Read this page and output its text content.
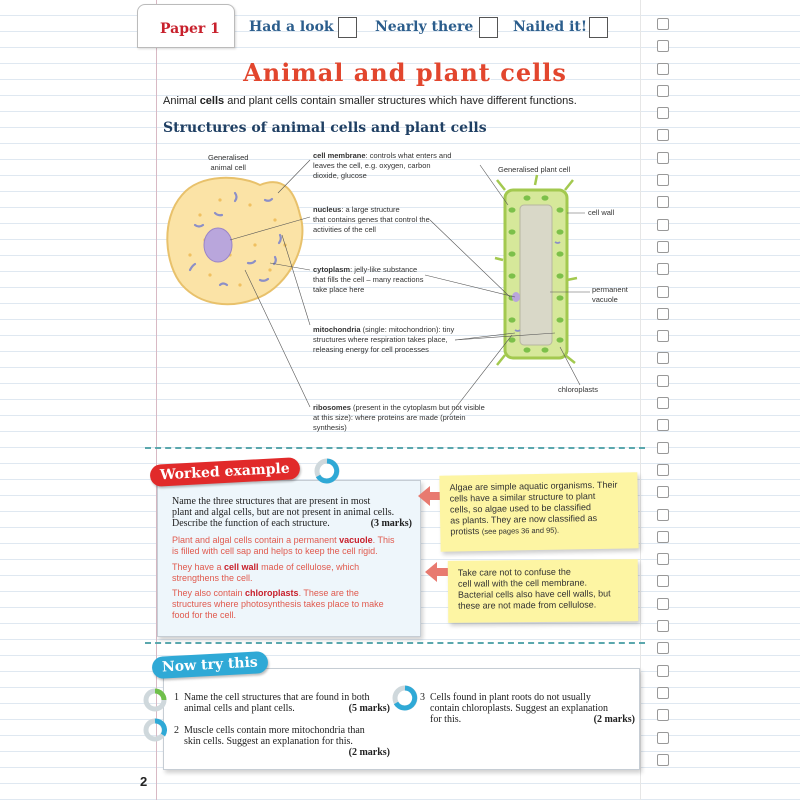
Paper 1 Had a look	Nearly there	Nailed it!
Animal and plant cells
Animal cells and plant cells contain smaller structures which have different functions.
Structures of animal cells and plant cells
Generalised
animal cell	Generalised plant cell
cell membrane: controls what enters and
leaves the cell, e.g. oxygen, carbon
dioxide, glucose
nucleus: a large structure
that contains genes that control the
activities of the cell
cytoplasm: jelly-like substance
that fills the cell – many reactions
take place here
mitochondria (single: mitochondrion): tiny
structures where respiration takes place,
releasing energy for cell processes
ribosomes (present in the cytoplasm but not visible
at this size): where proteins are made (protein
synthesis)
cell wall
permanent
vacuole
chloroplasts
Worked example
Name the three structures that are present in most
plant and algal cells, but are not present in animal cells.
Describe the function of each structure.	(3 marks)
Plant and algal cells contain a permanent vacuole. This
is filled with cell sap and helps to keep the cell rigid.
They have a cell wall made of cellulose, which
strengthens the cell.
They also contain chloroplasts. These are the
structures where photosynthesis takes place to make
food for the cell.
Algae are simple aquatic organisms. Their
cells have a similar structure to plant
cells, so algae used to be classified
as plants. They are now classified as
protists (see pages 36 and 95).
Take care not to confuse the
cell wall with the cell membrane.
Bacterial cells also have cell walls, but
these are not made from cellulose.
Now try this
1 Name the cell structures that are found in both
animal cells and plant cells.	(5 marks)
2 Muscle cells contain more mitochondria than
skin cells. Suggest an explanation for this.

(2 marks)
3 Cells found in plant roots do not usually
contain chloroplasts. Suggest an explanation
for this.	(2 marks)
2
